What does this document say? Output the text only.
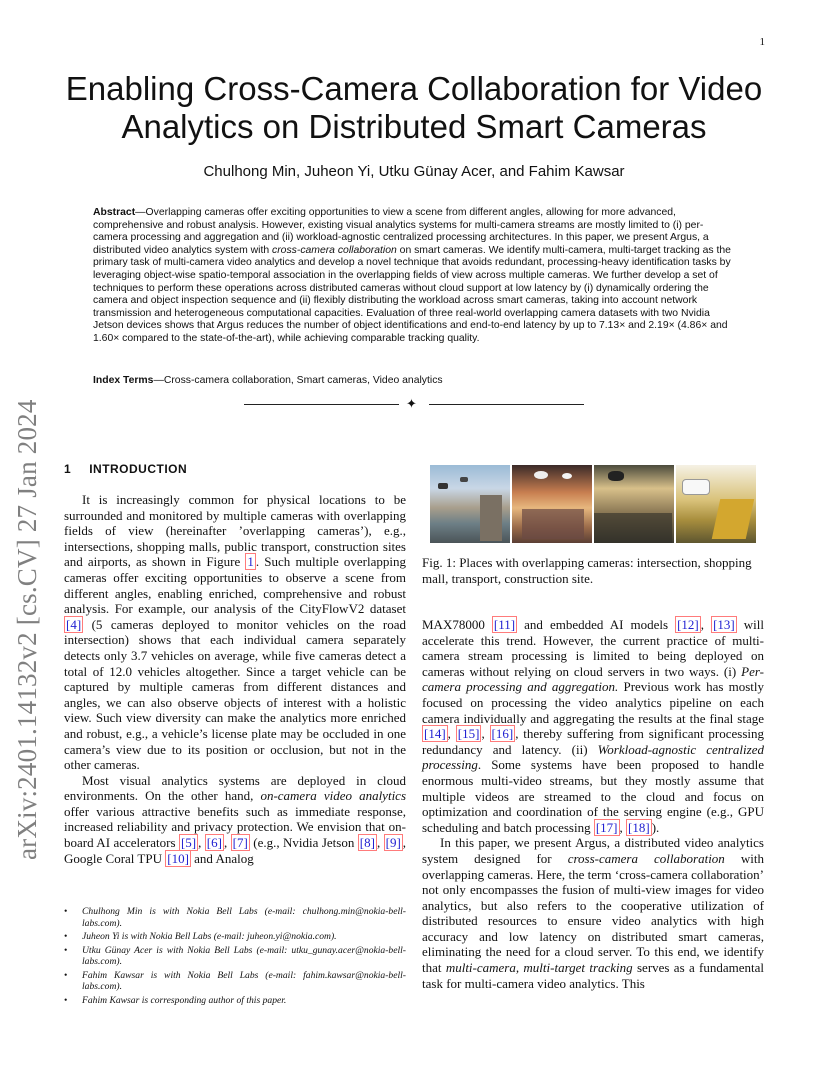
1
arXiv:2401.14132v2 [cs.CV] 27 Jan 2024
Enabling Cross-Camera Collaboration for Video Analytics on Distributed Smart Cameras
Chulhong Min, Juheon Yi, Utku Günay Acer, and Fahim Kawsar

Abstract—Overlapping cameras offer exciting opportunities to view a scene from different angles, allowing for more advanced, comprehensive and robust analysis. However, existing visual analytics systems for multi-camera streams are mostly limited to (i) per-camera processing and aggregation and (ii) workload-agnostic centralized processing architectures. In this paper, we present Argus, a distributed video analytics system with cross-camera collaboration on smart cameras. We identify multi-camera, multi-target tracking as the primary task of multi-camera video analytics and develop a novel technique that avoids redundant, processing-heavy identification tasks by leveraging object-wise spatio-temporal association in the overlapping fields of view across multiple cameras. We further develop a set of techniques to perform these operations across distributed cameras without cloud support at low latency by (i) dynamically ordering the camera and object inspection sequence and (ii) flexibly distributing the workload across smart cameras, taking into account network transmission and heterogeneous computational capacities. Evaluation of three real-world overlapping camera datasets with two Nvidia Jetson devices shows that Argus reduces the number of object identifications and end-to-end latency by up to 7.13× and 2.19× (4.86× and 1.60× compared to the state-of-the-art), while achieving comparable tracking quality.

Index Terms—Cross-camera collaboration, Smart cameras, Video analytics
✦
1 INTRODUCTION

It is increasingly common for physical locations to be surrounded and monitored by multiple cameras with overlapping fields of view (hereinafter ’overlapping cameras’), e.g., intersections, shopping malls, public transport, construction sites and airports, as shown in Figure 1 . Such multiple overlapping cameras offer exciting opportunities to observe a scene from different angles, enabling enriched, comprehensive and robust analysis. For example, our analysis of the CityFlowV2 dataset [4] (5 cameras deployed to monitor vehicles on the road intersection) shows that each individual camera separately detects only 3.7 vehicles on average, while five cameras detect a total of 12.0 vehicles altogether. Since a target vehicle can be captured by multiple cameras from different distances and angles, we can also observe objects of interest with a holistic view. Such view diversity can make the analytics more enriched and robust, e.g., a vehicle’s license plate may be occluded in one camera’s view due to its position or occlusion, but not in the other cameras.

Most visual analytics systems are deployed in cloud environments. On the other hand, on-camera video analytics offer various attractive benefits such as immediate response, increased reliability and privacy protection. We envision that on-board AI accelerators [5] , [6] , [7] (e.g., Nvidia Jetson [8] , [9] , Google Coral TPU [10] and Analog

Fig. 1: Places with overlapping cameras: intersection, shopping mall, transport, construction site.

MAX78000 [11] and embedded AI models [12] , [13] will accelerate this trend. However, the current practice of multi-camera stream processing is limited to being deployed on cameras without relying on cloud servers in two ways. (i) Per-camera processing and aggregation. Previous work has mostly focused on processing the video analytics pipeline on each camera individually and aggregating the results at the final stage [14] , [15] , [16] , thereby suffering from significant processing redundancy and latency. (ii) Workload-agnostic centralized processing. Some systems have been proposed to handle enormous multi-video streams, but they mostly assume that multiple videos are streamed to the cloud and focus on optimization and coordination of the serving engine (e.g., GPU scheduling and batch processing [17] , [18] ).

In this paper, we present Argus, a distributed video analytics system designed for cross-camera collaboration with overlapping cameras. Here, the term ‘cross-camera collaboration’ not only encompasses the fusion of multi-view images for video analytics, but also refers to the cooperative utilization of distributed resources to ensure video analytics with high accuracy and low latency on distributed smart cameras, eliminating the need for a cloud server. To this end, we identify that multi-camera, multi-target tracking serves as a fundamental task for multi-camera video analytics. This

• Chulhong Min is with Nokia Bell Labs (e-mail: chulhong.min@nokia-bell-labs.com).
• Juheon Yi is with Nokia Bell Labs (e-mail: juheon.yi@nokia.com).
• Utku Günay Acer is with Nokia Bell Labs (e-mail: utku_gunay.acer@nokia-bell-labs.com).
• Fahim Kawsar is with Nokia Bell Labs (e-mail: fahim.kawsar@nokia-bell-labs.com).
• Fahim Kawsar is corresponding author of this paper.
